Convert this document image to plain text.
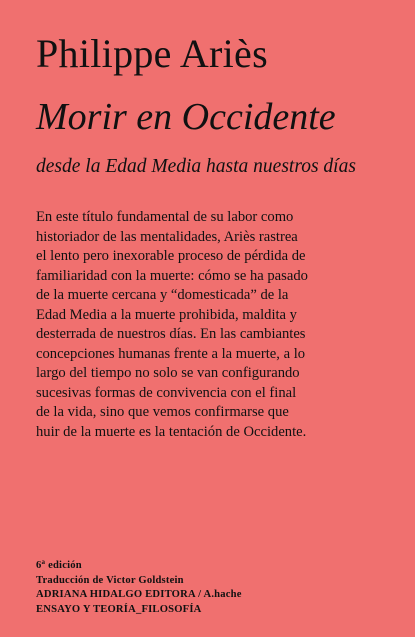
Philippe Ariès
Morir en Occidente
desde la Edad Media hasta nuestros días

En este título fundamental de su labor como
historiador de las mentalidades, Ariès rastrea
el lento pero inexorable proceso de pérdida de
familiaridad con la muerte: cómo se ha pasado
de la muerte cercana y “domesticada” de la
Edad Media a la muerte prohibida, maldita y
desterrada de nuestros días. En las cambiantes
concepciones humanas frente a la muerte, a lo
largo del tiempo no solo se van configurando
sucesivas formas de convivencia con el final
de la vida, sino que vemos confirmarse que
huir de la muerte es la tentación de Occidente.

6$^a$ edición
Traducción de Victor Goldstein
ADRIANA HIDALGO EDITORA / A.hache
ENSAYO Y TEORÍA_FILOSOFÍA
